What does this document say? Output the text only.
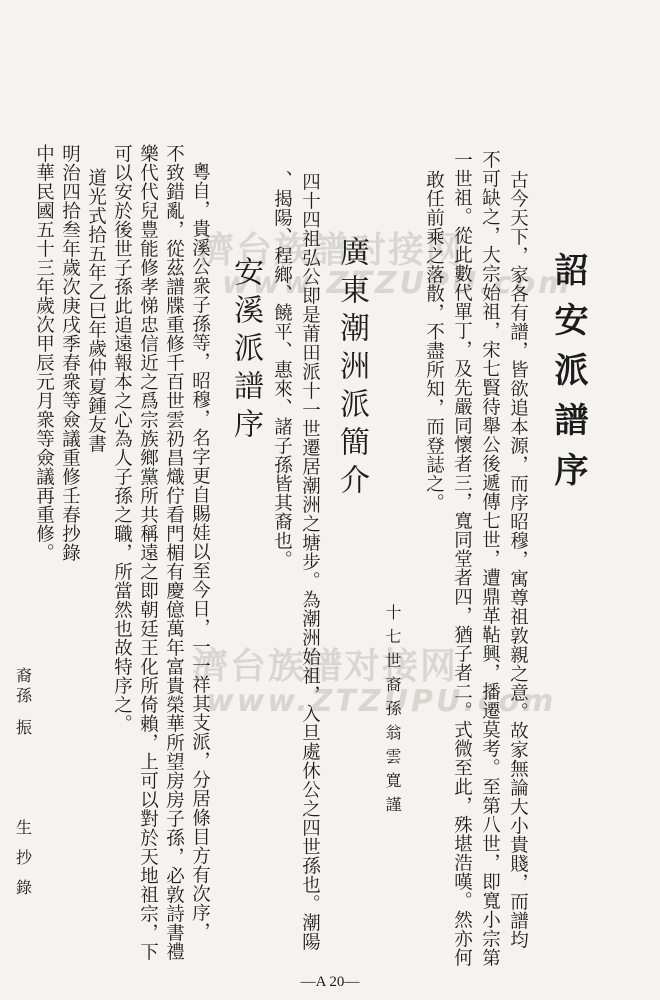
濟台族譜对接网
www.ZTZUPU.com
濟台族譜对接网
www.ZTZUPU.com
詔安派譜序
古今天下，家各有譜，皆欲追本源，而序昭穆，寓尊祖敦親之意。故家無論大小貴賤，而譜均
不可缺之，大宗始祖，宋七賢待舉公後遞傳七世，遭鼎革䩞興，播遷莫考。至第八世，即寬小宗第
一世祖。從此數代單丁，及先嚴同懷者三，寬同堂者四，猶子者二。式微至此，殊堪浩嘆。然亦何
敢任前乘之落散，不盡所知，而登誌之。
十七世裔孫翁雲寬謹
廣東潮洲派簡介
四十四祖弘公即是莆田派十一世遷居潮洲之塘步。為潮洲始祖，入旦處休公之四世孫也。潮陽
、揭陽、程鄉、饒平、惠來、諸子孫皆其裔也。
安溪派譜序
粵自，貴溪公衆子孫等，昭穆，名字更自賜娃以至今日，一一祥其支派，分居條目方有次序，
不致錯亂，從茲譜牒重修千百世雲礽昌熾佇看門楣有慶億萬年富貴榮華所望房房子孫，必敦詩書禮
樂代代兒豊能修孝悌忠信近之爲宗族鄉黨所共稱遠之即朝廷王化所倚賴，上可以對於天地祖宗，下
可以安於後世子孫此追遠報本之心為人子孫之職，所當然也故特序之。
道光式拾五年乙巳年歲仲夏鍾友書
明治四拾叁年歲次庚戌季春衆等僉議重修壬春抄錄
中華民國五十三年歲次甲辰元月衆等僉議再重修。
裔
孫
振
生
抄
錄
—A 20—
